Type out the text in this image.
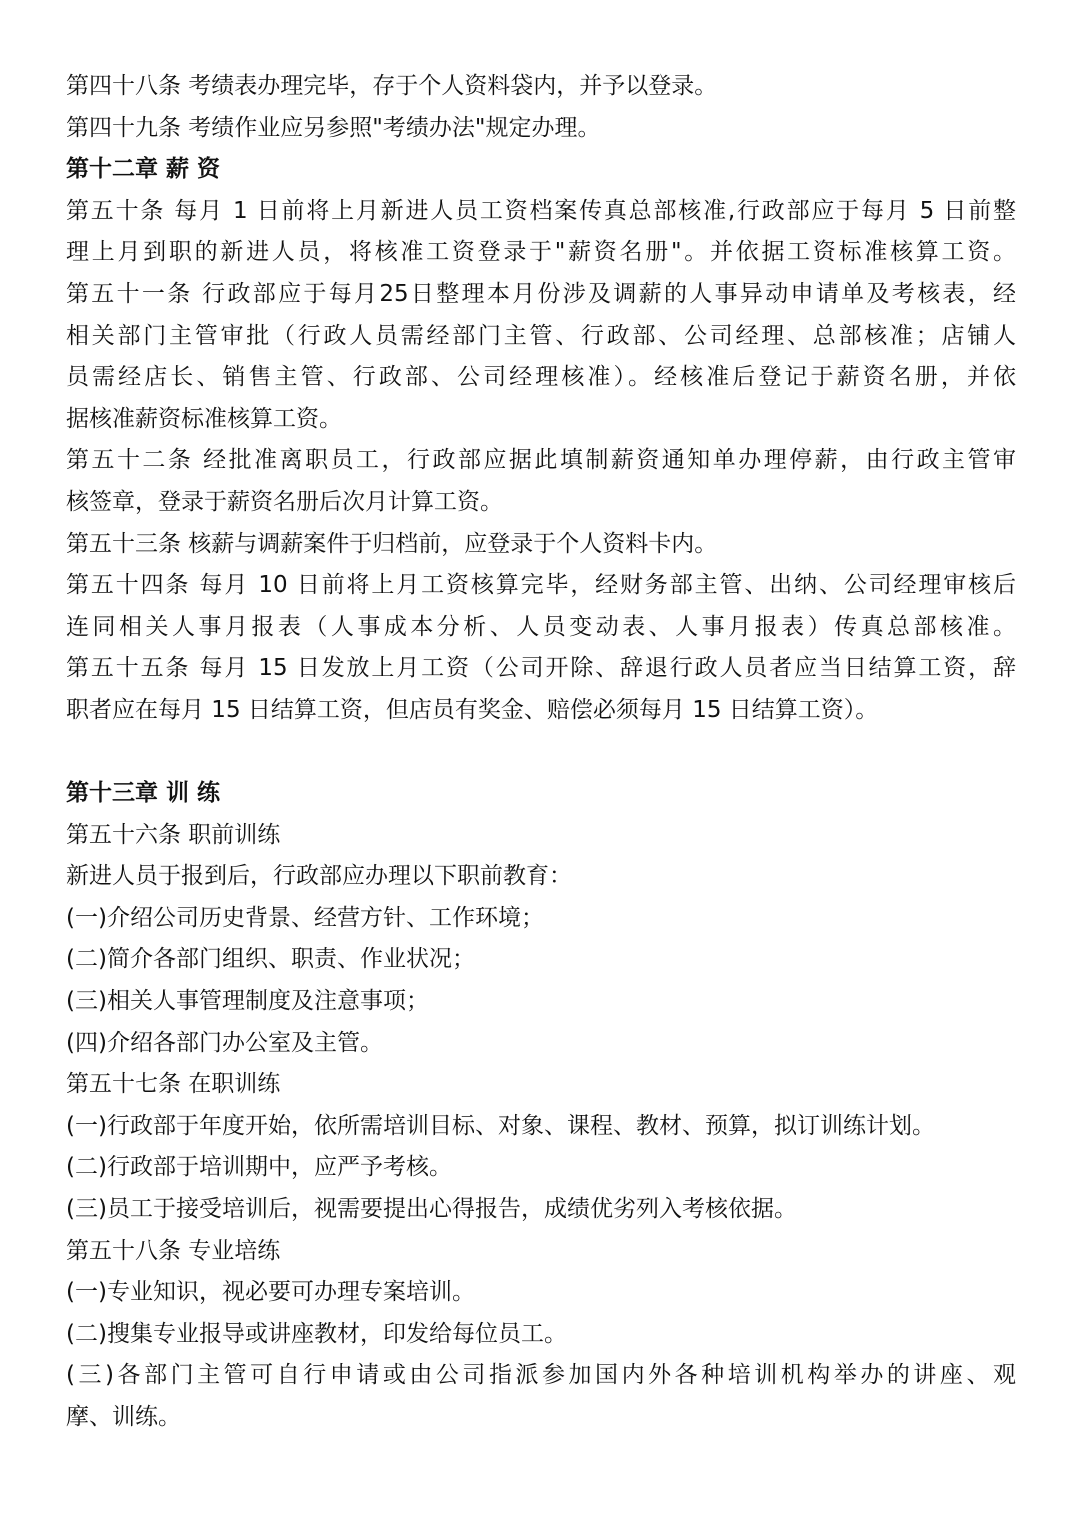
第四十八条 考绩表办理完毕，存于个人资料袋内，并予以登录。
第四十九条 考绩作业应另参照"考绩办法"规定办理。
第十二章 薪 资
第五十条 每月 1 日前将上月新进人员工资档案传真总部核准,行政部应于每月 5 日前整
理上月到职的新进人员，将核准工资登录于"薪资名册"。并依据工资标准核算工资。
第五十一条 行政部应于每月25日整理本月份涉及调薪的人事异动申请单及考核表，经
相关部门主管审批（行政人员需经部门主管、行政部、公司经理、总部核准；店铺人
员需经店长、销售主管、行政部、公司经理核准）。经核准后登记于薪资名册，并依
据核准薪资标准核算工资。
第五十二条 经批准离职员工，行政部应据此填制薪资通知单办理停薪，由行政主管审
核签章，登录于薪资名册后次月计算工资。
第五十三条 核薪与调薪案件于归档前，应登录于个人资料卡内。
第五十四条 每月 10 日前将上月工资核算完毕，经财务部主管、出纳、公司经理审核后
连同相关人事月报表（人事成本分析、人员变动表、人事月报表）传真总部核准。
第五十五条 每月 15 日发放上月工资（公司开除、辞退行政人员者应当日结算工资，辞
职者应在每月 15 日结算工资，但店员有奖金、赔偿必须每月 15 日结算工资）。
第十三章 训 练
第五十六条 职前训练
新进人员于报到后，行政部应办理以下职前教育：
(一)介绍公司历史背景、经营方针、工作环境；
(二)简介各部门组织、职责、作业状况；
(三)相关人事管理制度及注意事项；
(四)介绍各部门办公室及主管。
第五十七条 在职训练
(一)行政部于年度开始，依所需培训目标、对象、课程、教材、预算，拟订训练计划。
(二)行政部于培训期中，应严予考核。
(三)员工于接受培训后，视需要提出心得报告，成绩优劣列入考核依据。
第五十八条 专业培练
(一)专业知识，视必要可办理专案培训。
(二)搜集专业报导或讲座教材，印发给每位员工。
(三)各部门主管可自行申请或由公司指派参加国内外各种培训机构举办的讲座、观
摩、训练。
